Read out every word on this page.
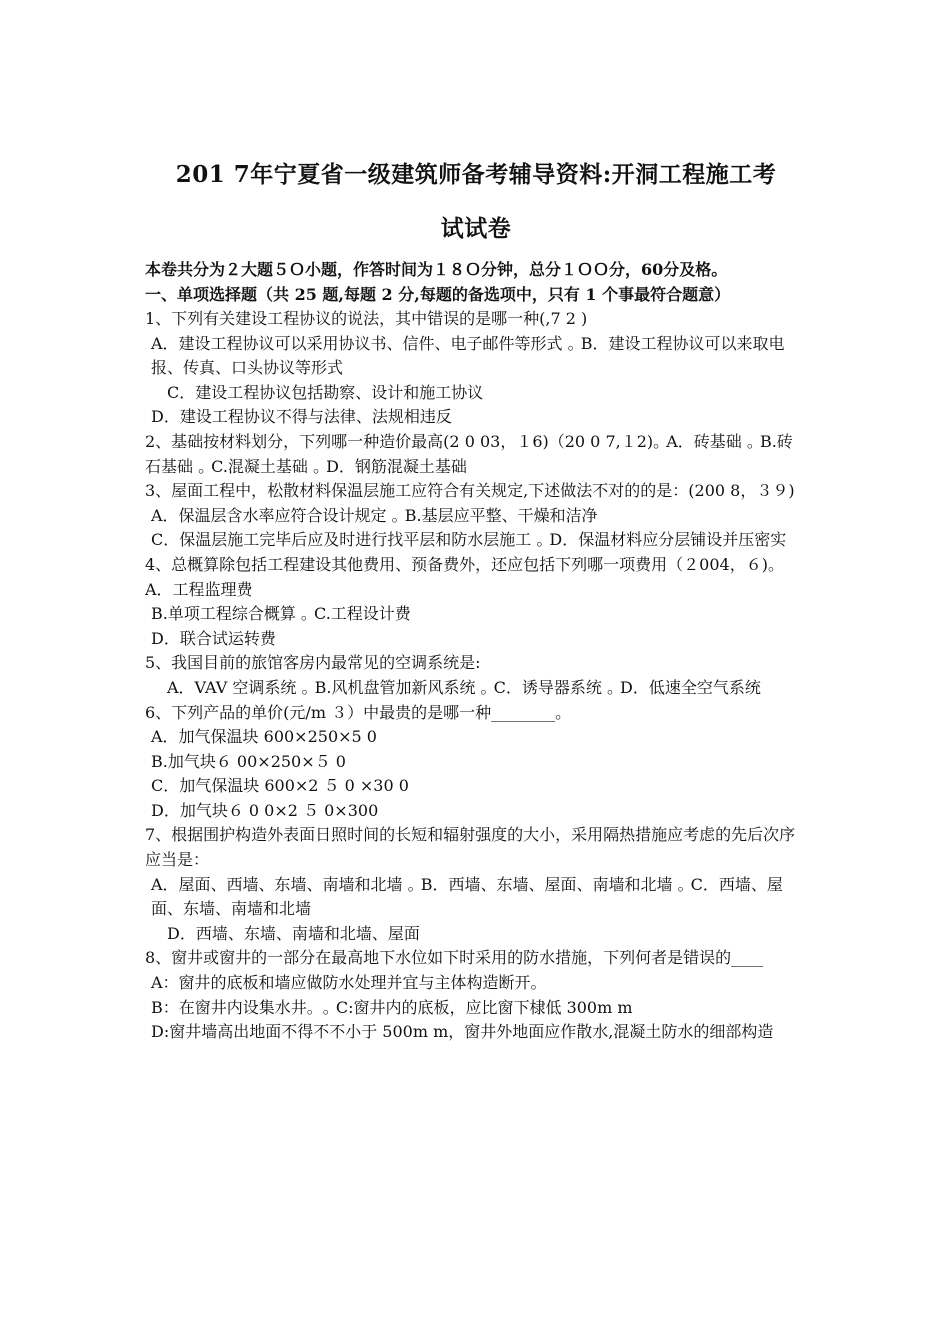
201 7年宁夏省一级建筑师备考辅导资料:开洞工程施工考
试试卷

本卷共分为２大题５Ｏ小题，作答时间为１８Ｏ分钟，总分１ＯＯ分，60分及格。

一、单项选择题（共 25 题,每题 2 分,每题的备选项中，只有 1 个事最符合题意）

1、下列有关建设工程协议的说法，其中错误的是哪一种(,7 2 )

A．建设工程协议可以采用协议书、信件、电子邮件等形式 ｡ B．建设工程协议可以来取电报、传真、口头协议等形式

C．建设工程协议包括勘察、设计和施工协议

D．建设工程协议不得与法律、法规相违反

2、基础按材料划分，下列哪一种造价最高(2 0 03，１6)（20 0 7,１2)｡ A．砖基础 ｡ B.砖石基础 ｡ C.混凝土基础 ｡ D．钢筋混凝土基础

3、屋面工程中，松散材料保温层施工应符合有关规定,下述做法不对的的是：(200 8，３９)

A．保温层含水率应符合设计规定 ｡ B.基层应平整、干燥和洁净

C．保温层施工完毕后应及时进行找平层和防水层施工 ｡ D．保温材料应分层铺设并压密实

4、总概算除包括工程建设其他费用、预备费外，还应包括下列哪一项费用（２004，６)｡ A．工程监理费

B.单项工程综合概算 ｡ C.工程设计费

D．联合试运转费

5、我国目前的旅馆客房内最常见的空调系统是:

A．VAV 空调系统 ｡ B.风机盘管加新风系统 ｡ C．诱导器系统 ｡ D．低速全空气系统

6、下列产品的单价(元/m ３）中最贵的是哪一种________。

A．加气保温块 600×250×5 0

B.加气块６ 00×250×５ 0

C．加气保温块 600×2 ５ 0 ×30 0

D．加气块６ 0 0×2 ５ 0×300

7、根据围护构造外表面日照时间的长短和辐射强度的大小，采用隔热措施应考虑的先后次序应当是：

A．屋面、西墙、东墙、南墙和北墙 ｡ B．西墙、东墙、屋面、南墙和北墙 ｡ C．西墙、屋面、东墙、南墙和北墙

D．西墙、东墙、南墙和北墙、屋面

8、窗井或窗井的一部分在最高地下水位如下时采用的防水措施，下列何者是错误的____

A：窗井的底板和墙应做防水处理并宜与主体构造断开。

B：在窗井内设集水井。｡ C:窗井内的底板，应比窗下棣低 300m m

D:窗井墙高出地面不得不不小于 500m m，窗井外地面应作散水,混凝土防水的细部构造
